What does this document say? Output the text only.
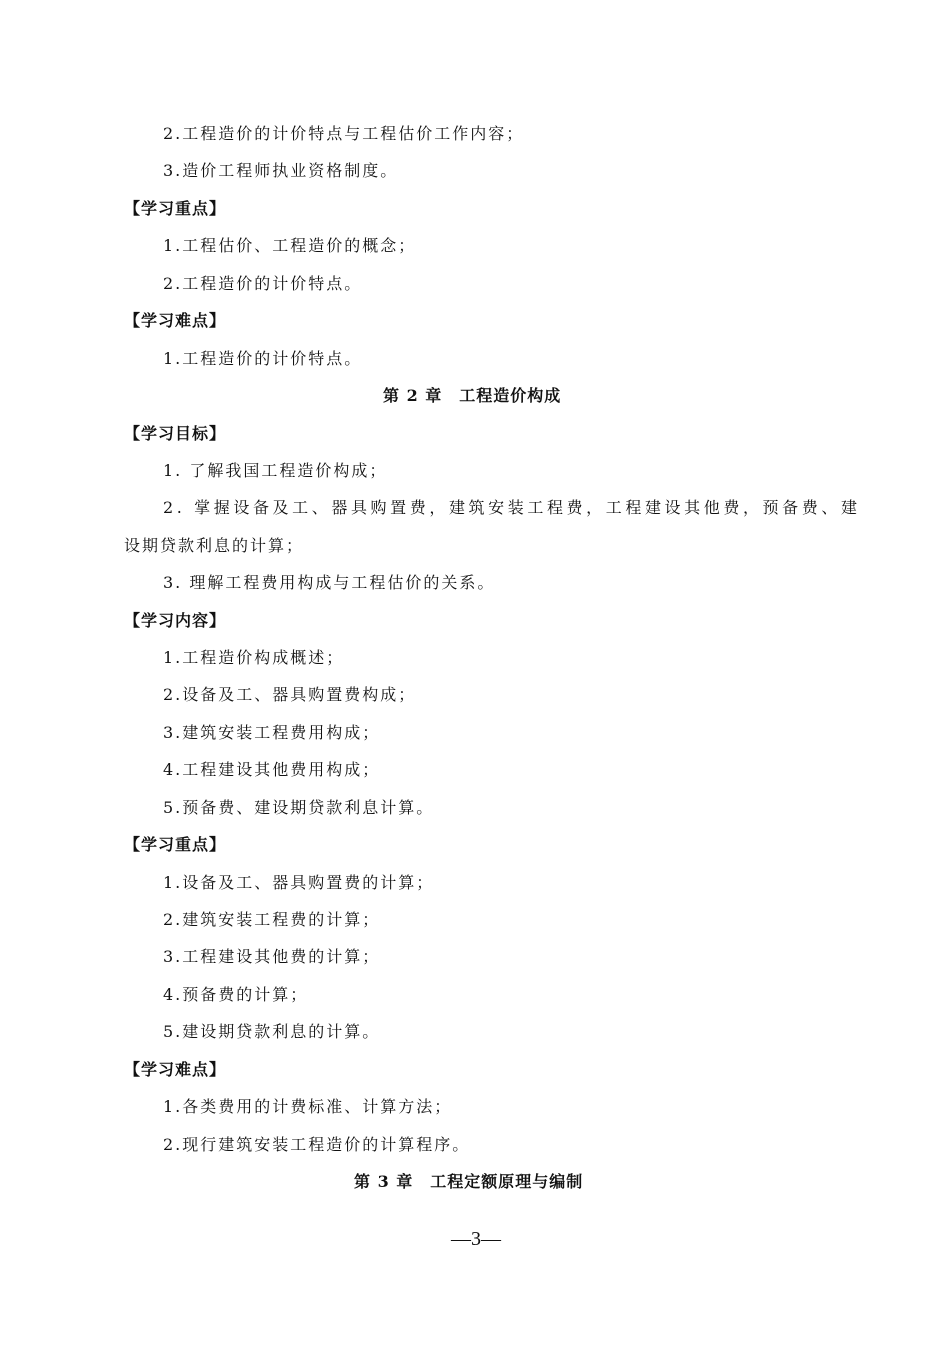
2.工程造价的计价特点与工程估价工作内容；
3.造价工程师执业资格制度。
【学习重点】
1.工程估价、工程造价的概念；
2.工程造价的计价特点。
【学习难点】
1.工程造价的计价特点。
第 2 章　工程造价构成
【学习目标】
1. 了解我国工程造价构成；
2. 掌握设备及工、器具购置费，建筑安装工程费，工程建设其他费，预备费、建
设期贷款利息的计算；
3. 理解工程费用构成与工程估价的关系。
【学习内容】
1.工程造价构成概述；
2.设备及工、器具购置费构成；
3.建筑安装工程费用构成；
4.工程建设其他费用构成；
5.预备费、建设期贷款利息计算。
【学习重点】
1.设备及工、器具购置费的计算；
2.建筑安装工程费的计算；
3.工程建设其他费的计算；
4.预备费的计算；
5.建设期贷款利息的计算。
【学习难点】
1.各类费用的计费标准、计算方法；
2.现行建筑安装工程造价的计算程序。
第 3 章　工程定额原理与编制
—3—
